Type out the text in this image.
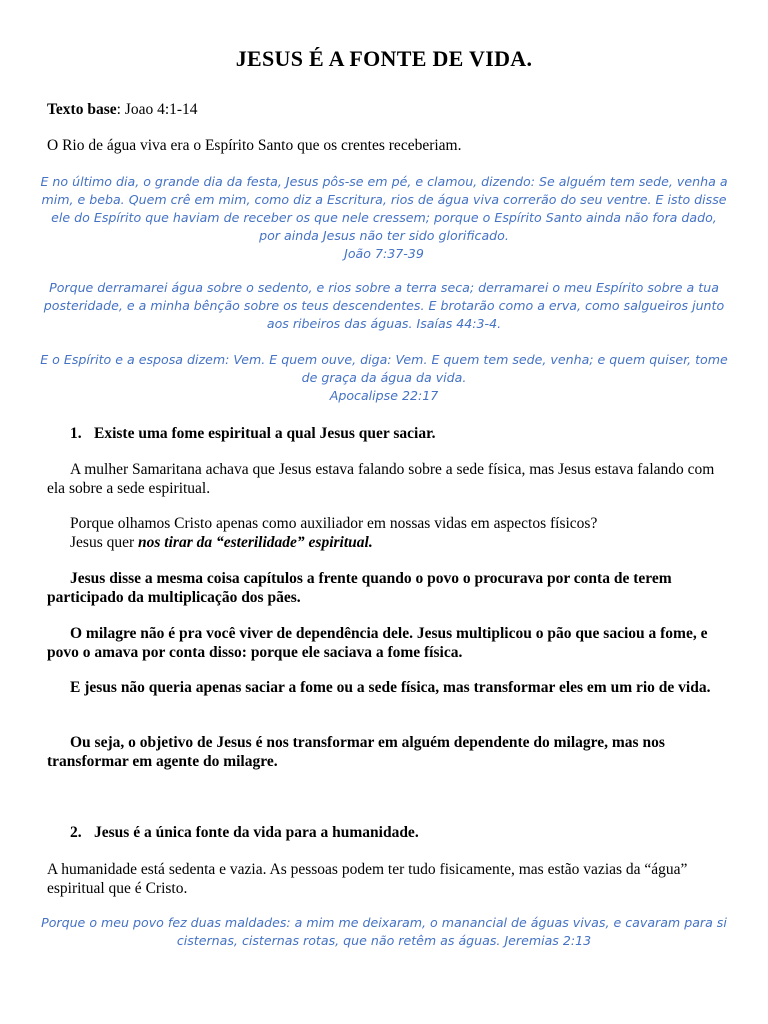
JESUS É A FONTE DE VIDA.
Texto base: Joao 4:1-14
O Rio de água viva era o Espírito Santo que os crentes receberiam.
E no último dia, o grande dia da festa, Jesus pôs-se em pé, e clamou, dizendo: Se alguém tem sede, venha a mim, e beba. Quem crê em mim, como diz a Escritura, rios de água viva correrão do seu ventre. E isto disse ele do Espírito que haviam de receber os que nele cressem; porque o Espírito Santo ainda não fora dado, por ainda Jesus não ter sido glorificado.
João 7:37-39
Porque derramarei água sobre o sedento, e rios sobre a terra seca; derramarei o meu Espírito sobre a tua posteridade, e a minha bênção sobre os teus descendentes. E brotarão como a erva, como salgueiros junto aos ribeiros das águas. Isaías 44:3-4.
E o Espírito e a esposa dizem: Vem. E quem ouve, diga: Vem. E quem tem sede, venha; e quem quiser, tome de graça da água da vida.
Apocalipse 22:17
1. Existe uma fome espiritual a qual Jesus quer saciar.
A mulher Samaritana achava que Jesus estava falando sobre a sede física, mas Jesus estava falando com ela sobre a sede espiritual.
Porque olhamos Cristo apenas como auxiliador em nossas vidas em aspectos físicos?
Jesus quer nos tirar da “esterilidade” espiritual.
Jesus disse a mesma coisa capítulos a frente quando o povo o procurava por conta de terem participado da multiplicação dos pães.
O milagre não é pra você viver de dependência dele. Jesus multiplicou o pão que saciou a fome, e povo o amava por conta disso: porque ele saciava a fome física.
E jesus não queria apenas saciar a fome ou a sede física, mas transformar eles em um rio de vida.
Ou seja, o objetivo de Jesus é nos transformar em alguém dependente do milagre, mas nos transformar em agente do milagre.
2. Jesus é a única fonte da vida para a humanidade.
A humanidade está sedenta e vazia. As pessoas podem ter tudo fisicamente, mas estão vazias da “água” espiritual que é Cristo.
Porque o meu povo fez duas maldades: a mim me deixaram, o manancial de águas vivas, e cavaram para si cisternas, cisternas rotas, que não retêm as águas. Jeremias 2:13
